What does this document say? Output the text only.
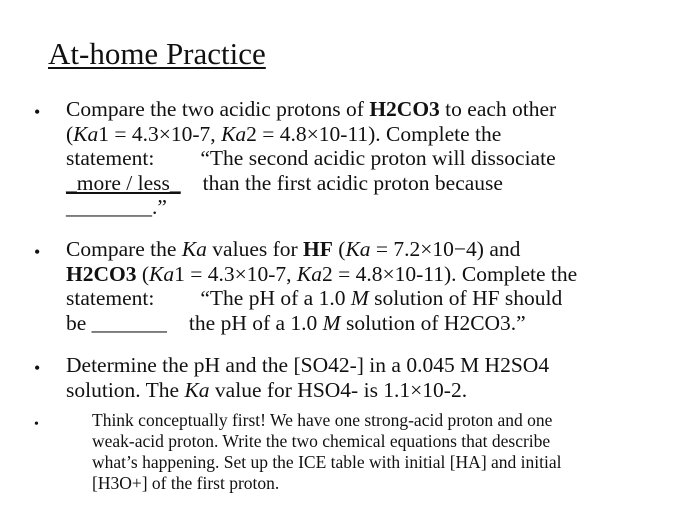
At-home Practice
• Compare the two acidic protons of H2CO3 to each other
(Ka1 = 4.3×10-7, Ka2 = 4.8×10-11). Complete the
statement: “The second acidic proton will dissociate
_more / less_ than the first acidic proton because
________.”
• Compare the Ka values for HF (Ka = 7.2×10−4) and
H2CO3 (Ka1 = 4.3×10-7, Ka2 = 4.8×10-11). Complete the
statement: “The pH of a 1.0 M solution of HF should
be _______ the pH of a 1.0 M solution of H2CO3.”
• Determine the pH and the [SO42-] in a 0.045 M H2SO4
solution. The Ka value for HSO4- is 1.1×10-2.
•	Think conceptually first! We have one strong-acid proton and one
weak-acid proton. Write the two chemical equations that describe
what’s happening. Set up the ICE table with initial [HA] and initial
[H3O+] of the first proton.
